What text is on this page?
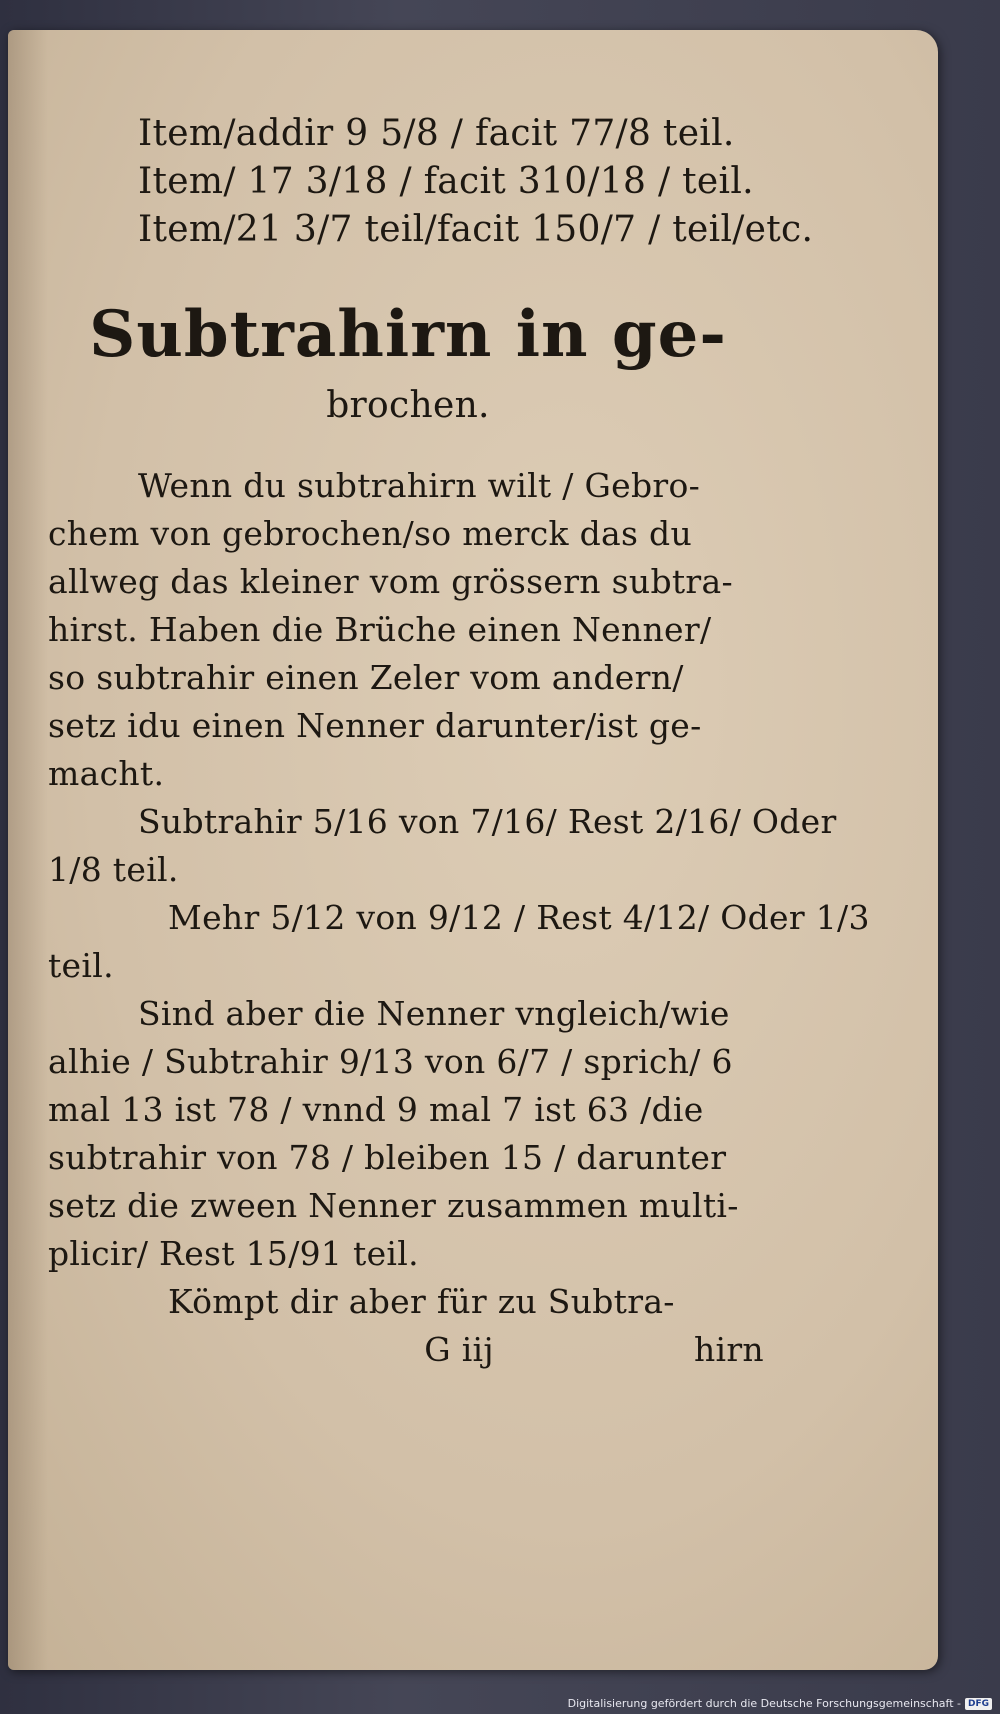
Item/addir 9 5/8 / facit 77/8 teil.
Item/ 17 3/18 / facit 310/18 / teil.
Item/21 3/7 teil/facit 150/7 / teil/etc.
Subtrahirn in ge-
brochen.
Wenn du subtrahirn wilt / Gebro-
chem von gebrochen/so merck das du
allweg das kleiner vom grössern subtra-
hirst. Haben die Brüche einen Nenner/
so subtrahir einen Zeler vom andern/
setz idu einen Nenner darunter/ist ge-
macht.
Subtrahir 5/16 von 7/16/ Rest 2/16/ Oder
1/8 teil.
Mehr 5/12 von 9/12 / Rest 4/12/ Oder 1/3
teil.
Sind aber die Nenner vngleich/wie
alhie / Subtrahir 9/13 von 6/7 / sprich/ 6
mal 13 ist 78 / vnnd 9 mal 7 ist 63 /die
subtrahir von 78 / bleiben 15 / darunter
setz die zween Nenner zusammen multi-
plicir/ Rest 15/91 teil.
Kömpt dir aber für zu Subtra-
G iij	hirn
Digitalisierung gefördert durch die Deutsche Forschungsgemeinschaft - DFG
